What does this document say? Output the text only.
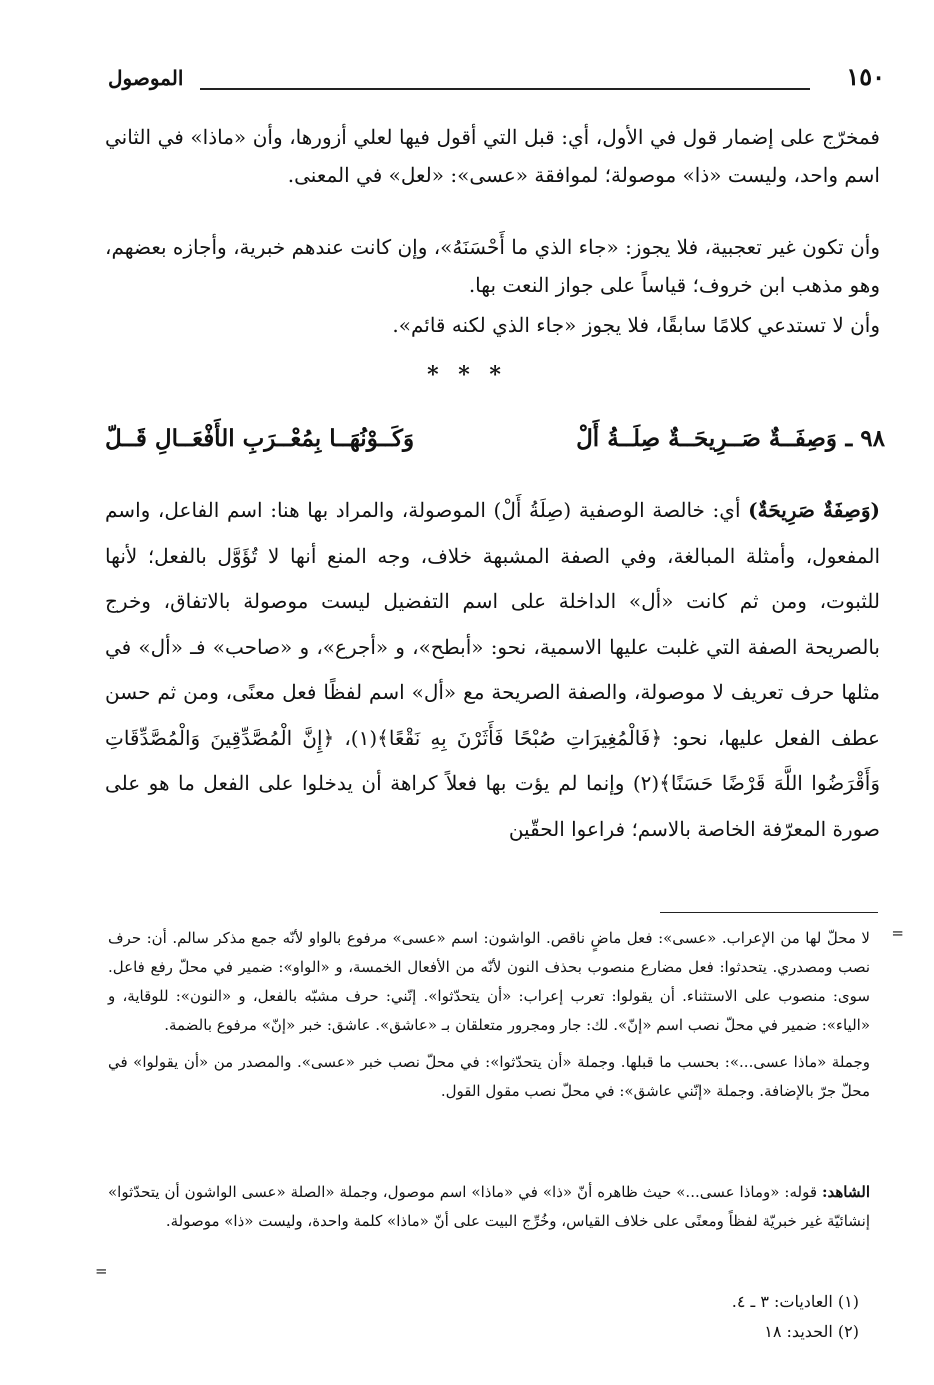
١٥٠
الموصول

فمخرّج على إضمار قول في الأول، أي: قبل التي أقول فيها لعلي أزورها، وأن «ماذا» في الثاني اسم واحد، وليست «ذا» موصولة؛ لموافقة «عسى»: «لعل» في المعنى.

وأن تكون غير تعجبية، فلا يجوز: «جاء الذي ما أَحْسَنَهُ»، وإن كانت عندهم خبرية، وأجازه بعضهم، وهو مذهب ابن خروف؛ قياساً على جواز النعت بها.

وأن لا تستدعي كلامًا سابقًا، فلا يجوز «جاء الذي لكنه قائم».

* * *
٩٨ ـ
وَصِفَــةٌ صَــرِيحَــةٌ صِلَــةُ أَلْ
وَكَــوْنُهَــا بِمُعْــرَبِ الأَفْعَــالِ قَــلّ

(وَصِفَةٌ صَرِيحَةٌ) أي: خالصة الوصفية (صِلَةُ أَلْ) الموصولة، والمراد بها هنا: اسم الفاعل، واسم المفعول، وأمثلة المبالغة، وفي الصفة المشبهة خلاف، وجه المنع أنها لا تُؤَوَّل بالفعل؛ لأنها للثبوت، ومن ثم كانت «أل» الداخلة على اسم التفضيل ليست موصولة بالاتفاق، وخرج بالصريحة الصفة التي غلبت عليها الاسمية، نحو: «أبطح»، و «أجرع»، و «صاحب» فـ «أل» في مثلها حرف تعريف لا موصولة، والصفة الصريحة مع «أل» اسم لفظًا فعل معنًى، ومن ثم حسن عطف الفعل عليها، نحو: ﴿فَالْمُغِيرَاتِ صُبْحًا فَأَثَرْنَ بِهِ نَقْعًا﴾(١)، ﴿إِنَّ الْمُصَّدِّقِينَ وَالْمُصَّدِّقَاتِ وَأَقْرَضُوا اللَّهَ قَرْضًا حَسَنًا﴾(٢) وإنما لم يؤت بها فعلاً كراهة أن يدخلوا على الفعل ما هو على صورة المعرّفة الخاصة بالاسم؛ فراعوا الحقّين

=

لا محلّ لها من الإعراب. «عسى»: فعل ماضٍ ناقص. الواشون: اسم «عسى» مرفوع بالواو لأنّه جمع مذكر سالم. أن: حرف نصب ومصدري. يتحدثوا: فعل مضارع منصوب بحذف النون لأنّه من الأفعال الخمسة، و «الواو»: ضمير في محلّ رفع فاعل. سوى: منصوب على الاستثناء. أن يقولوا: تعرب إعراب: «أن يتحدّثوا». إنّني: حرف مشبّه بالفعل، و «النون»: للوقاية، و «الياء»: ضمير في محلّ نصب اسم «إنّ». لك: جار ومجرور متعلقان بـ «عاشق». عاشق: خبر «إنّ» مرفوع بالضمة.

وجملة «ماذا عسى...»: بحسب ما قبلها. وجملة «أن يتحدّثوا»: في محلّ نصب خبر «عسى». والمصدر من «أن يقولوا» في محلّ جرّ بالإضافة. وجملة «إنّني عاشق»: في محلّ نصب مقول القول.

الشاهد: قوله: «وماذا عسى...» حيث ظاهره أنّ «ذا» في «ماذا» اسم موصول، وجملة «الصلة «عسى الواشون أن يتحدّثوا» إنشائيّة غير خبريّة لفظاً ومعنًى على خلاف القياس، وخُرِّج البيت على أنّ «ماذا» كلمة واحدة، وليست «ذا» موصولة.

=
(١) العاديات: ٣ ـ ٤.
(٢) الحديد: ١٨
